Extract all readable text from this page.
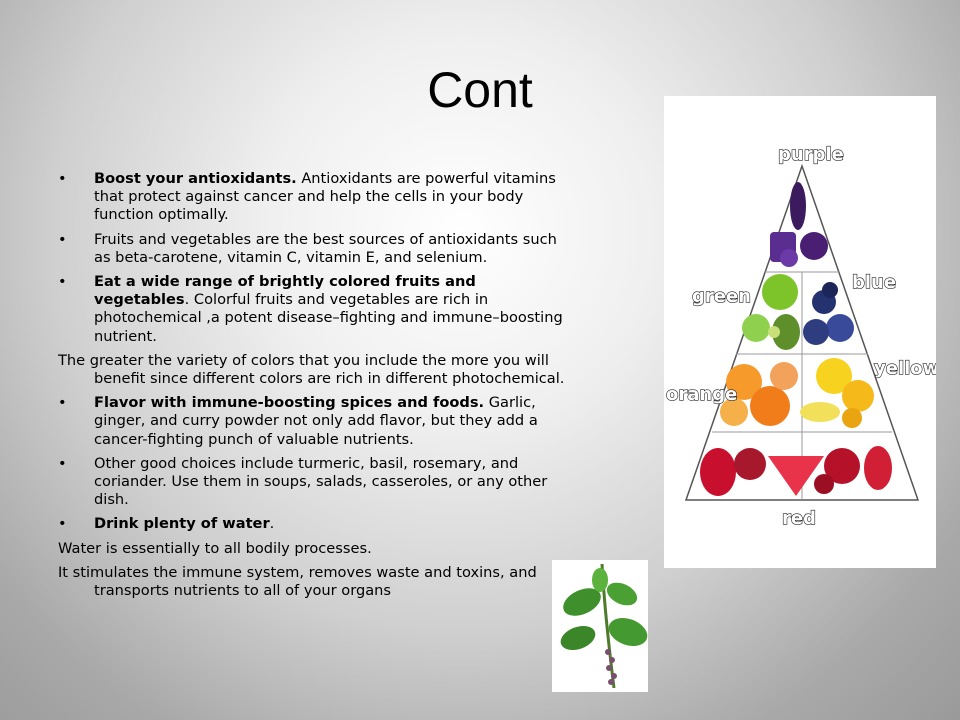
Cont
• Boost your antioxidants. Antioxidants are powerful vitamins that protect against cancer and help the cells in your body function optimally.
• Fruits and vegetables are the best sources of antioxidants such as beta-carotene, vitamin C, vitamin E, and selenium.
• Eat a wide range of brightly colored fruits and vegetables. Colorful fruits and vegetables are rich in photochemical ,a potent disease–fighting and immune–boosting nutrient.
The greater the variety of colors that you include the more you will benefit since different colors are rich in different photochemical.
• Flavor with immune-boosting spices and foods. Garlic, ginger, and curry powder not only add flavor, but they add a cancer-fighting punch of valuable nutrients.
• Other good choices include turmeric, basil, rosemary, and coriander. Use them in soups, salads, casseroles, or any other dish.
• Drink plenty of water.
Water is essentially to all bodily processes.
It stimulates the immune system, removes waste and toxins, and transports nutrients to all of your organs
purple
blue
green
yellow
orange
red
